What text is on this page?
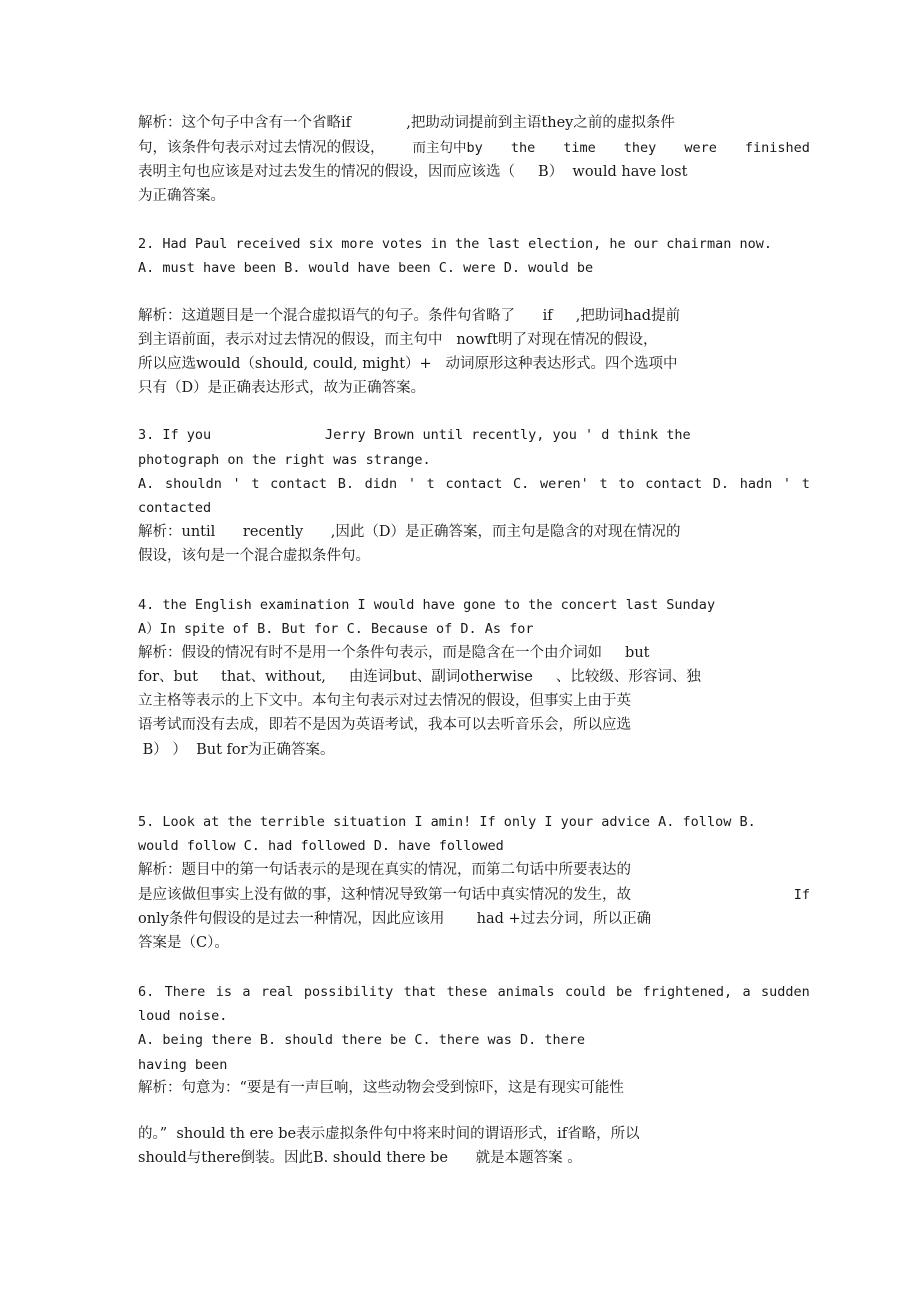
解析：这个句子中含有一个省略if            ,把助动词提前到主语they之前的虚拟条件
句，该条件句表示对过去情况的假设， 而主句中by the time they were finished
表明主句也应该是对过去发生的情况的假设，因而应该选（     B）  would have lost
为正确答案。
2. Had Paul received six more votes in the last election, he our chairman now.
A. must have been B. would have been C. were D. would be
解析：这道题目是一个混合虚拟语气的句子。条件句省略了      if     ,把助词had提前
到主语前面，表示对过去情况的假设，而主句中   nowft明了对现在情况的假设，
所以应选would（should, could, might）+   动词原形这种表达形式。四个选项中
只有（D）是正确表达形式，故为正确答案。
3. If you              Jerry Brown until recently, you ' d think the
photograph on the right was strange.
A. shouldn ' t contact B. didn ' t contact C. weren' t to contact D. hadn ' t
contacted
解析：until      recently      ,因此（D）是正确答案，而主句是隐含的对现在情况的
假设，该句是一个混合虚拟条件句。
4. the English examination I would have gone to the concert last Sunday
A）In spite of B. But for C. Because of D. As for
解析：假设的情况有时不是用一个条件句表示，而是隐含在一个由介词如     but
for、but     that、without,     由连词but、副词otherwise     、比较级、形容词、独
立主格等表示的上下文中。本句主句表示对过去情况的假设，但事实上由于英
语考试而没有去成，即若不是因为英语考试，我本可以去听音乐会，所以应选
B） ）  But for为正确答案。
5. Look at the terrible situation I amin! If only I your advice A. follow B.
would follow C. had followed D. have followed
解析：题目中的第一句话表示的是现在真实的情况，而第二句话中所要表达的
是应该做但事实上没有做的事，这种情况导致第一句话中真实情况的发生，故	If
only条件句假设的是过去一种情况，因此应该用       had +过去分词，所以正确
答案是（C）。
6. There is a real possibility that these animals could be frightened, a sudden
loud noise.
A. being there B. should there be C. there was D. there
having been
解析：句意为：“要是有一声巨响，这些动物会受到惊吓，这是有现实可能性
的。”  should th ere be表示虚拟条件句中将来时间的谓语形式，if省略，所以
should与there倒装。因此B. should there be      就是本题答案 。
